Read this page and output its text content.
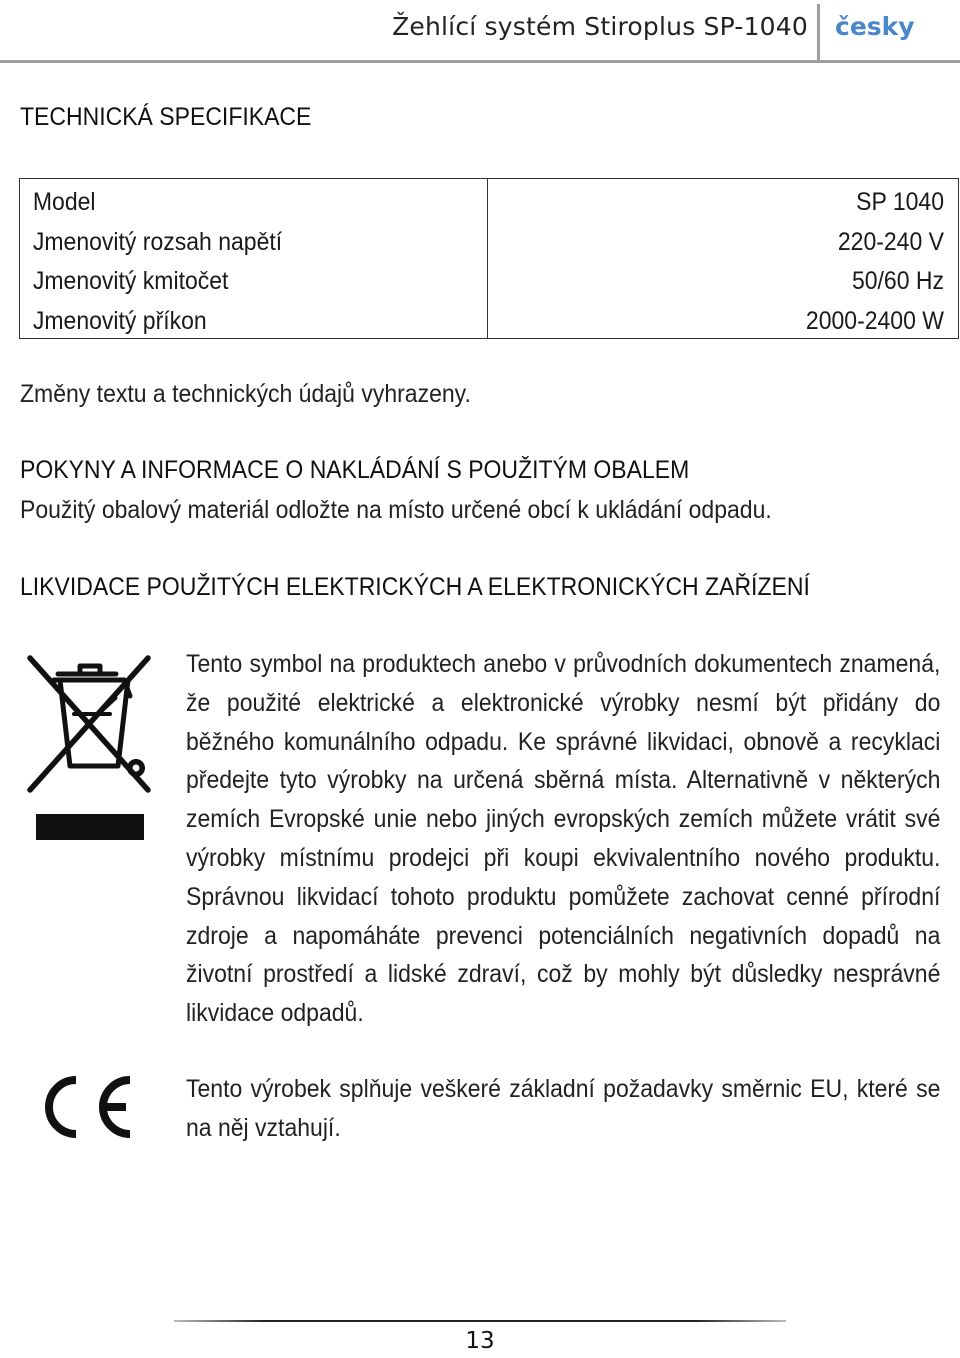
Žehlící systém Stiroplus SP-1040 česky
TECHNICKÁ SPECIFIKACE
Model
Jmenovitý rozsah napětí
Jmenovitý kmitočet
Jmenovitý příkon
SP 1040
220-240 V
50/60 Hz
2000-2400 W
Změny textu a technických údajů vyhrazeny.
POKYNY A INFORMACE O NAKLÁDÁNÍ S POUŽITÝM OBALEM
Použitý obalový materiál odložte na místo určené obcí k ukládání odpadu.
LIKVIDACE POUŽITÝCH ELEKTRICKÝCH A ELEKTRONICKÝCH ZAŘÍZENÍ
Tento symbol na produktech anebo v průvodních dokumentech znamená, že použité elektrické a elektronické výrobky nesmí být přidány do běžného komunálního odpadu. Ke správné likvidaci, obnově a recyklaci předejte tyto výrobky na určená sběrná místa. Alternativně v některých zemích Evropské unie nebo jiných evropských zemích můžete vrátit své výrobky místnímu prodejci při koupi ekvivalentního nového produktu. Správnou likvidací tohoto produktu pomůžete zachovat cenné přírodní zdroje a napomáháte prevenci potenciálních negativních dopadů na životní prostředí a lidské zdraví, což by mohly být důsledky nesprávné likvidace odpadů.
Tento výrobek splňuje veškeré základní požadavky směrnic EU, které se na něj vztahují.
13
